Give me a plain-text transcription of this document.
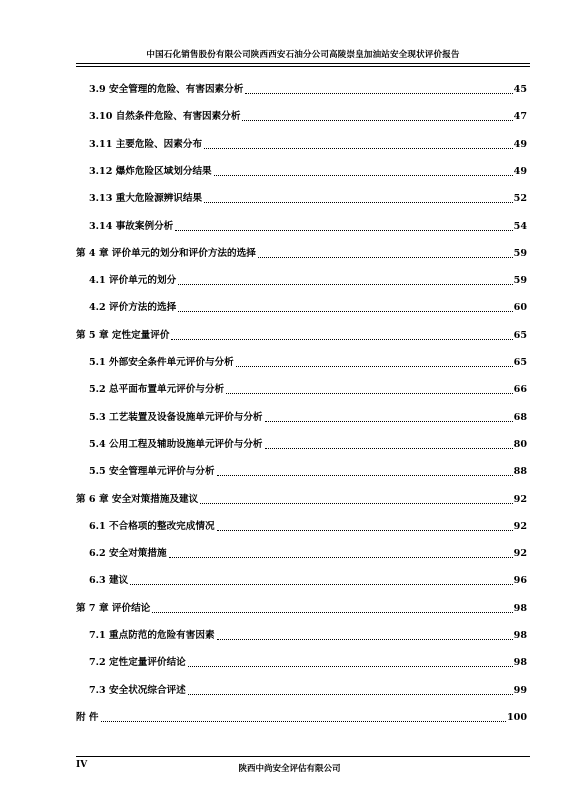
中国石化销售股份有限公司陕西西安石油分公司高陵崇皇加油站安全现状评价报告
3.9 安全管理的危险、有害因素分析	45
3.10 自然条件危险、有害因素分析	47
3.11 主要危险、因素分布	49
3.12 爆炸危险区域划分结果	49
3.13 重大危险源辨识结果	52
3.14 事故案例分析	54
第 4 章 评价单元的划分和评价方法的选择	59
4.1 评价单元的划分	59
4.2 评价方法的选择	60
第 5 章 定性定量评价	65
5.1 外部安全条件单元评价与分析	65
5.2 总平面布置单元评价与分析	66
5.3 工艺装置及设备设施单元评价与分析	68
5.4 公用工程及辅助设施单元评价与分析	80
5.5 安全管理单元评价与分析	88
第 6 章 安全对策措施及建议	92
6.1 不合格项的整改完成情况	92
6.2 安全对策措施	92
6.3 建议	96
第 7 章 评价结论	98
7.1 重点防范的危险有害因素	98
7.2 定性定量评价结论	98
7.3 安全状况综合评述	99
附 件	100
IV	陕西中尚安全评估有限公司
